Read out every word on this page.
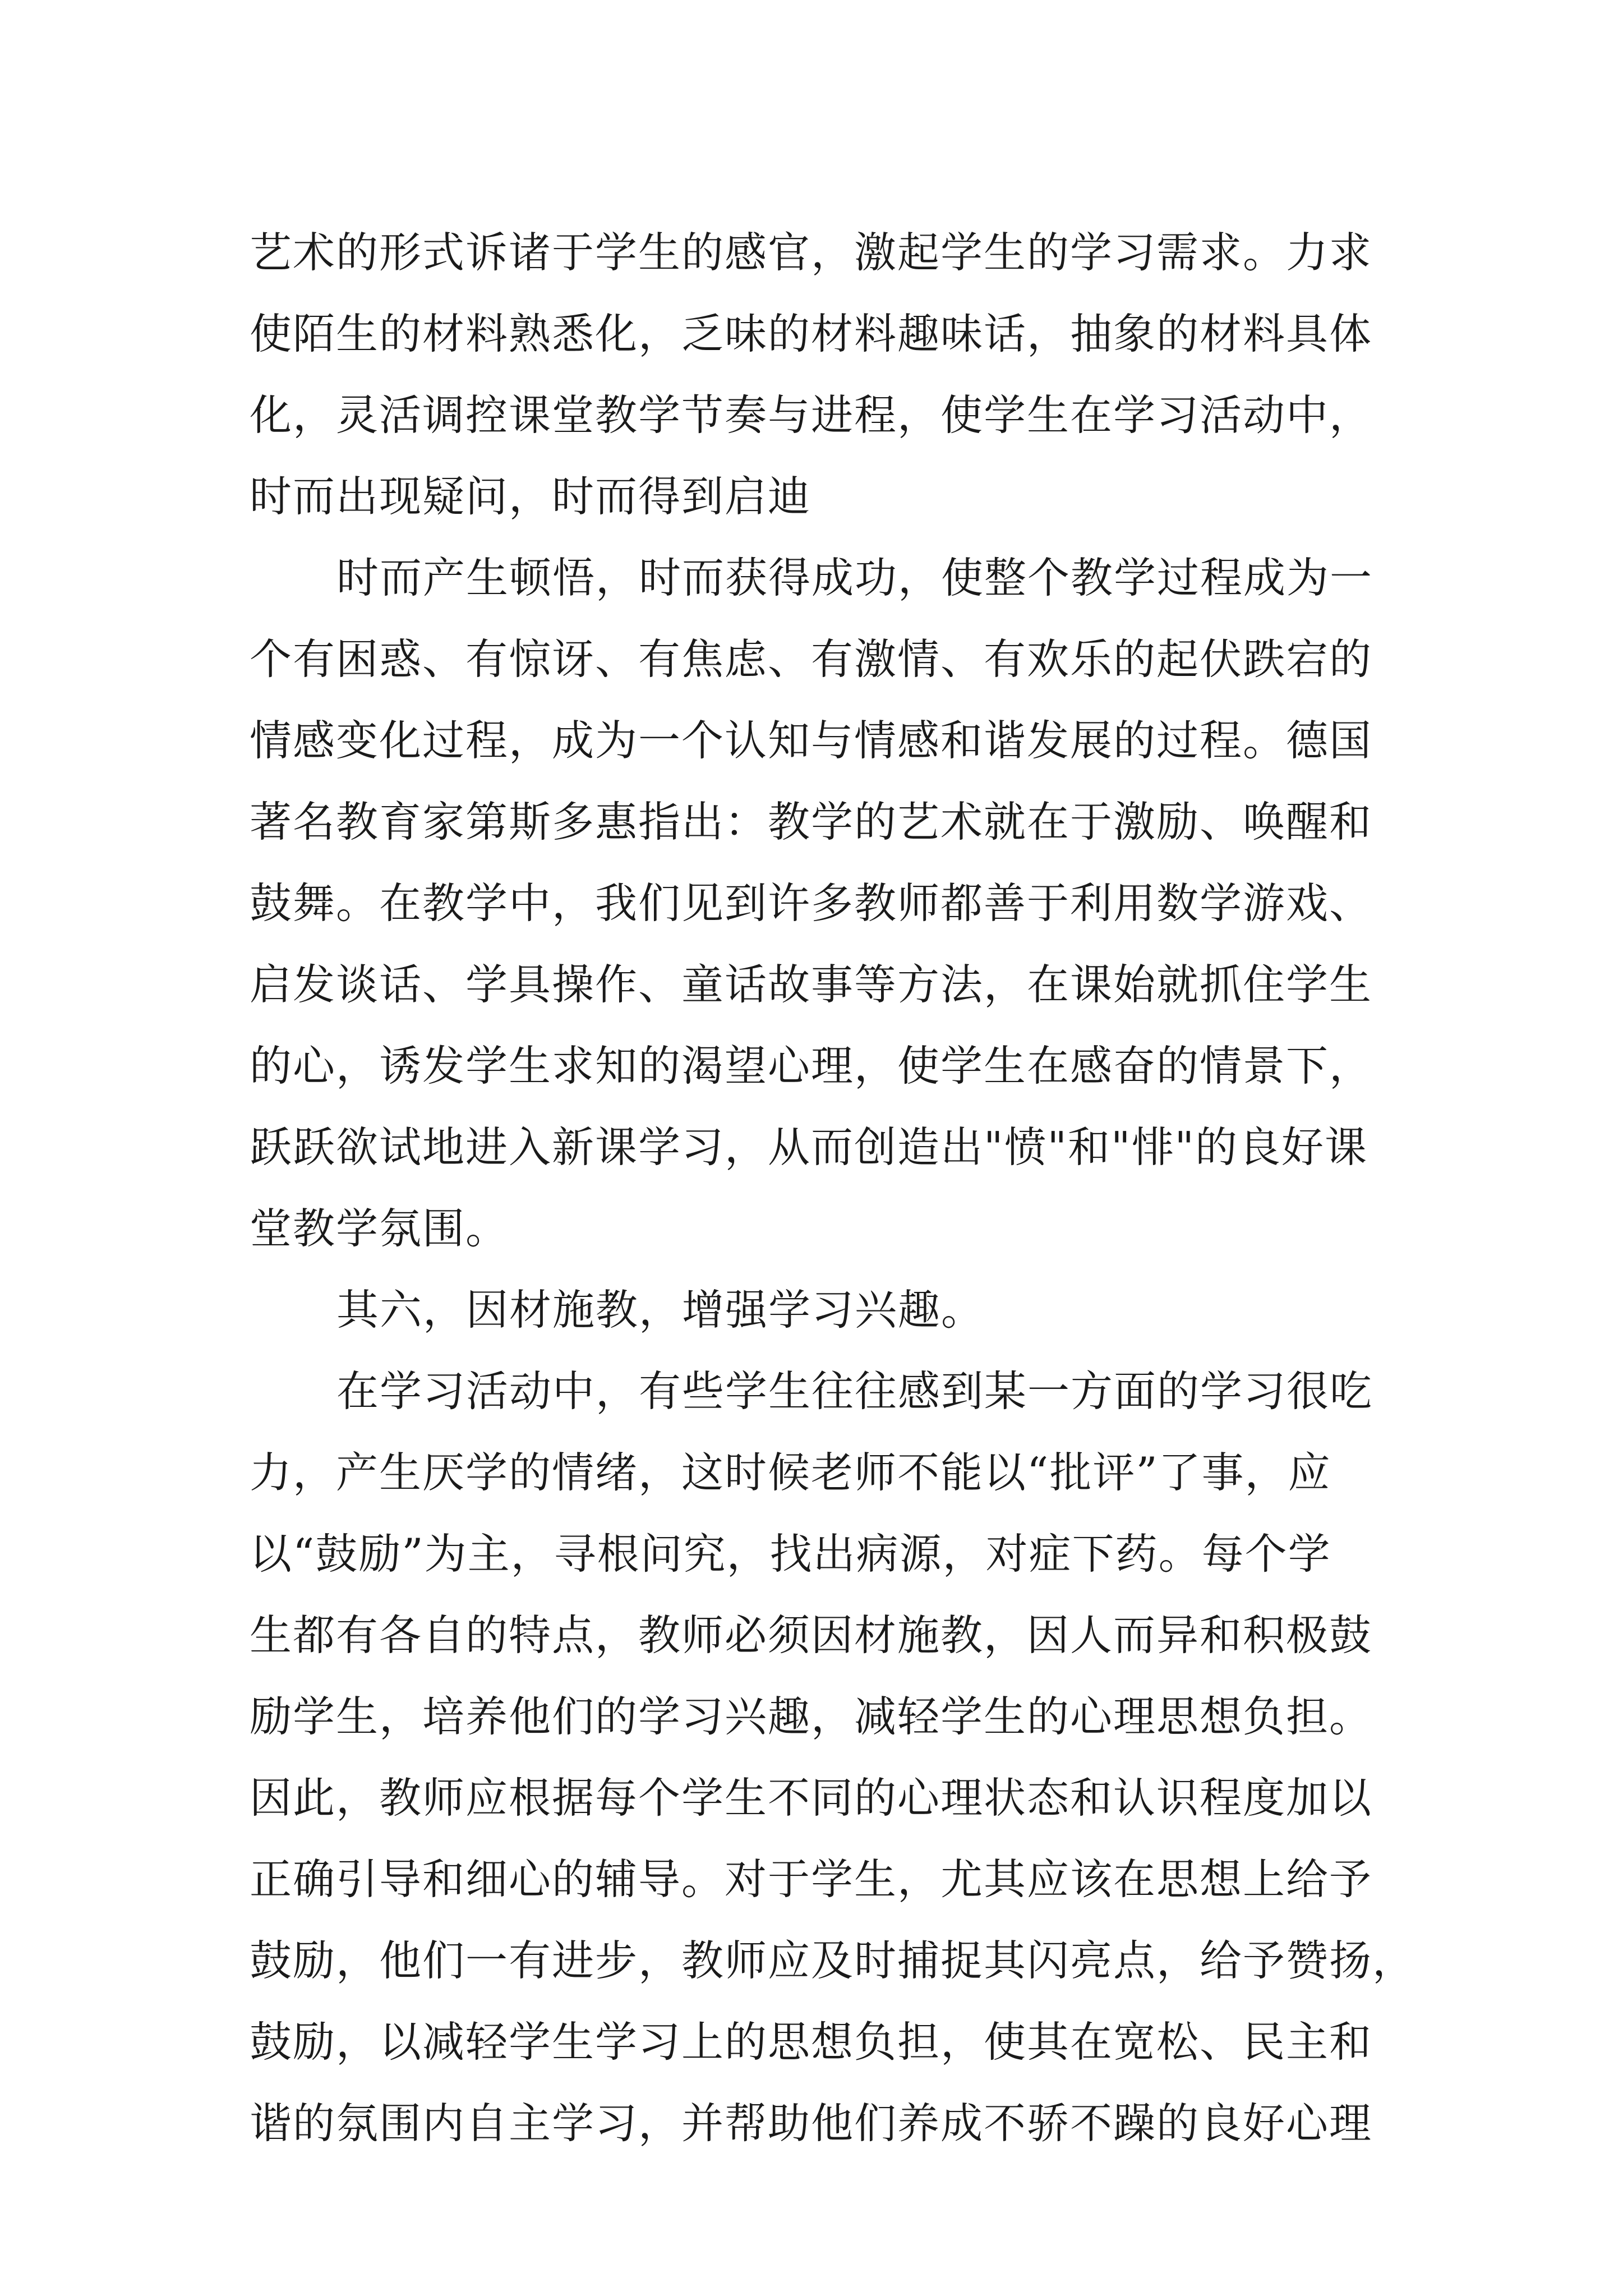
艺术的形式诉诸于学生的感官，激起学生的学习需求。力求
使陌生的材料熟悉化，乏味的材料趣味话，抽象的材料具体
化，灵活调控课堂教学节奏与进程，使学生在学习活动中，
时而出现疑问，时而得到启迪
时而产生顿悟，时而获得成功，使整个教学过程成为一
个有困惑、有惊讶、有焦虑、有激情、有欢乐的起伏跌宕的
情感变化过程，成为一个认知与情感和谐发展的过程。德国
著名教育家第斯多惠指出：教学的艺术就在于激励、唤醒和
鼓舞。在教学中，我们见到许多教师都善于利用数学游戏、
启发谈话、学具操作、童话故事等方法，在课始就抓住学生
的心，诱发学生求知的渴望心理，使学生在感奋的情景下，
跃跃欲试地进入新课学习，从而创造出"愤"和"悱"的良好课
堂教学氛围。
其六，因材施教，增强学习兴趣。
在学习活动中，有些学生往往感到某一方面的学习很吃
力，产生厌学的情绪，这时候老师不能以“批评”了事，应
以“鼓励”为主，寻根问究，找出病源，对症下药。每个学
生都有各自的特点，教师必须因材施教，因人而异和积极鼓
励学生，培养他们的学习兴趣，减轻学生的心理思想负担。
因此，教师应根据每个学生不同的心理状态和认识程度加以
正确引导和细心的辅导。对于学生，尤其应该在思想上给予
鼓励，他们一有进步，教师应及时捕捉其闪亮点，给予赞扬，
鼓励，以减轻学生学习上的思想负担，使其在宽松、民主和
谐的氛围内自主学习，并帮助他们养成不骄不躁的良好心理
